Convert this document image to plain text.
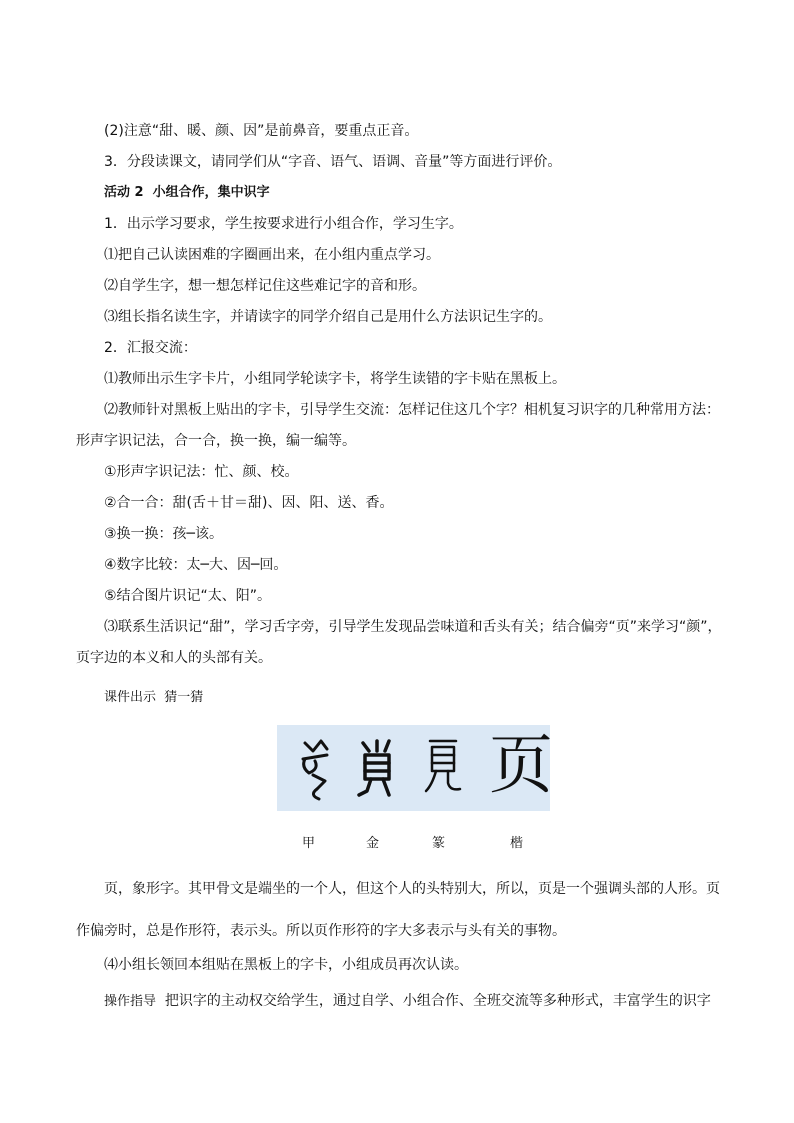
(2)注意“甜、暖、颜、因”是前鼻音，要重点正音。
3．分段读课文，请同学们从“字音、语气、语调、音量”等方面进行评价。
活动 2 小组合作，集中识字
1．出示学习要求，学生按要求进行小组合作，学习生字。
⑴把自己认读困难的字圈画出来，在小组内重点学习。
⑵自学生字，想一想怎样记住这些难记字的音和形。
⑶组长指名读生字，并请读字的同学介绍自己是用什么方法识记生字的。
2．汇报交流：
⑴教师出示生字卡片，小组同学轮读字卡，将学生读错的字卡贴在黑板上。
⑵教师针对黑板上贴出的字卡，引导学生交流：怎样记住这几个字？相机复习识字的几种常用方法：形声字识记法，合一合，换一换，编一编等。
①形声字识记法：忙、颜、校。
②合一合：甜(舌＋甘＝甜)、因、阳、送、香。
③换一换：孩─该。
④数字比较：太─大、因─回。
⑤结合图片识记“太、阳”。
⑶联系生活识记“甜”，学习舌字旁，引导学生发现品尝味道和舌头有关；结合偏旁“页”来学习“颜”，页字边的本义和人的头部有关。
课件出示 猜一猜
页
甲	金	篆	楷
页，象形字。其甲骨文是端坐的一个人，但这个人的头特别大，所以，页是一个强调头部的人形。页作偏旁时，总是作形符，表示头。所以页作形符的字大多表示与头有关的事物。
⑷小组长领回本组贴在黑板上的字卡，小组成员再次认读。
操作指导 把识字的主动权交给学生，通过自学、小组合作、全班交流等多种形式，丰富学生的识字
